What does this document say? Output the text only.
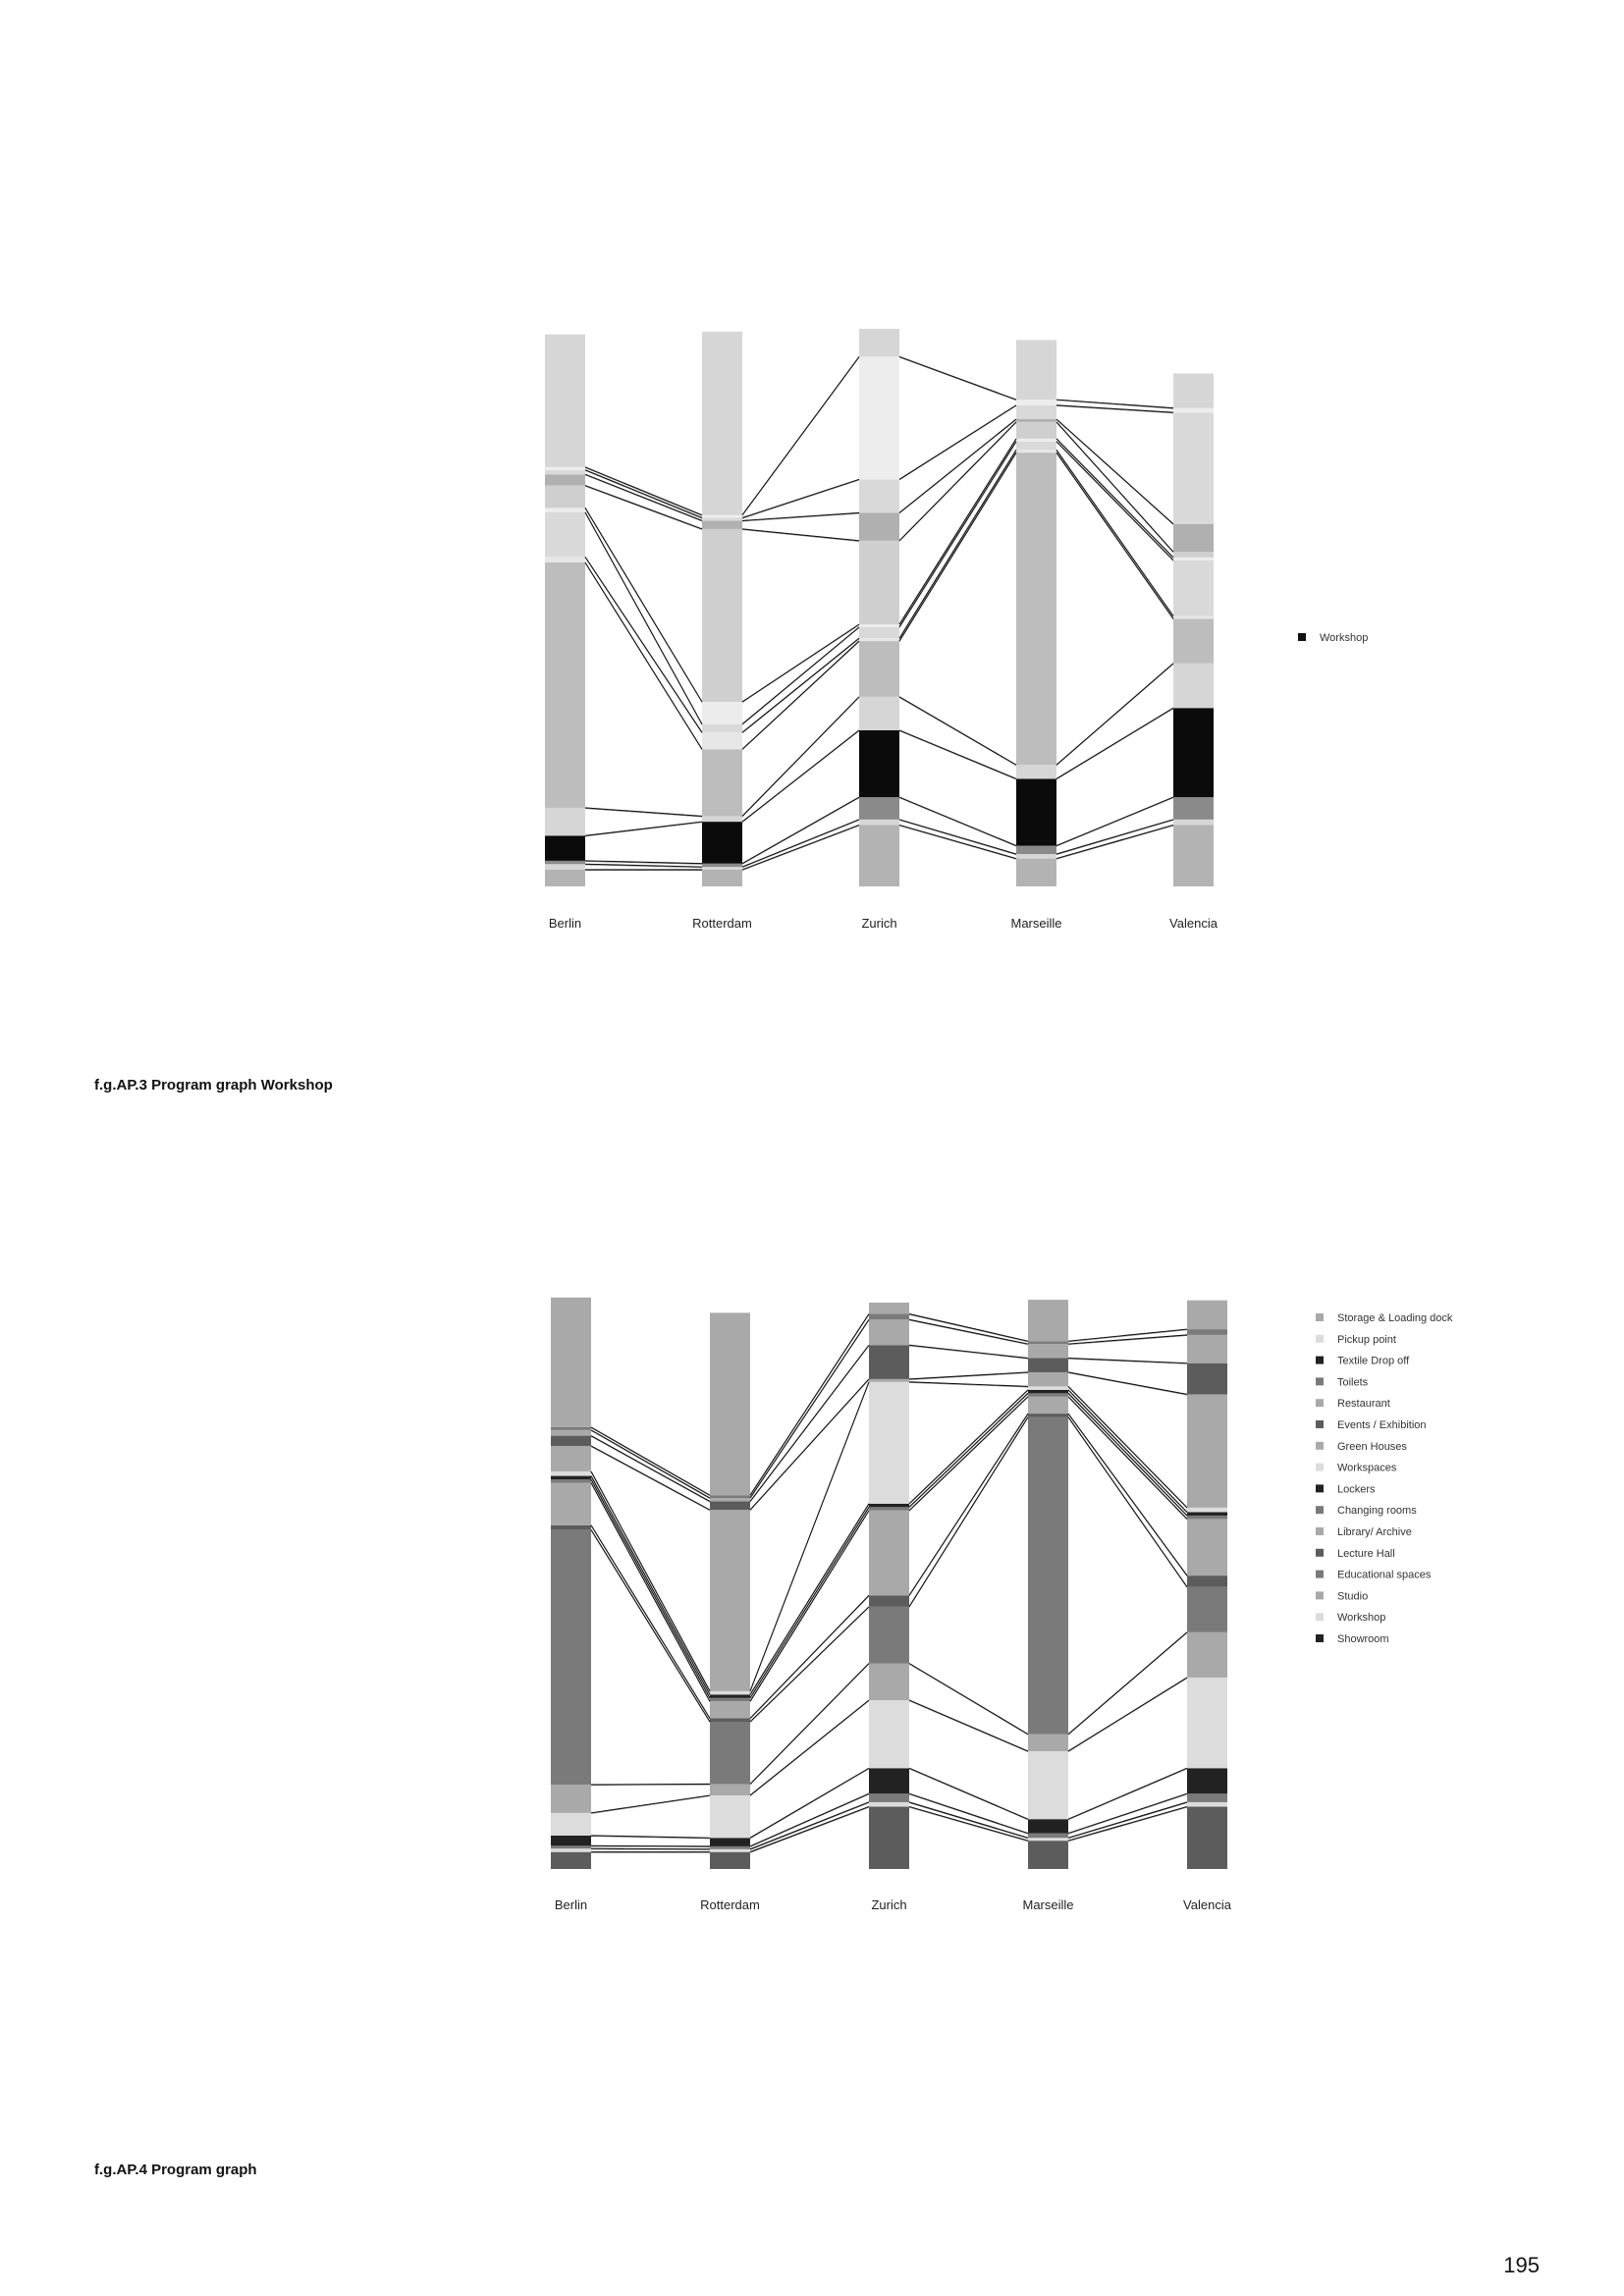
Berlin	Rotterdam	Zurich	Marseille	Valencia
Workshop
Berlin	Rotterdam	Zurich	Marseille	Valencia
Storage & Loading dock
Pickup point
Textile Drop off
Toilets
Restaurant
Events / Exhibition
Green Houses
Workspaces
Lockers
Changing rooms
Library/ Archive
Lecture Hall
Educational spaces
Studio
Workshop
Showroom
f.g.AP.3 Program graph Workshop
f.g.AP.4 Program graph
195
